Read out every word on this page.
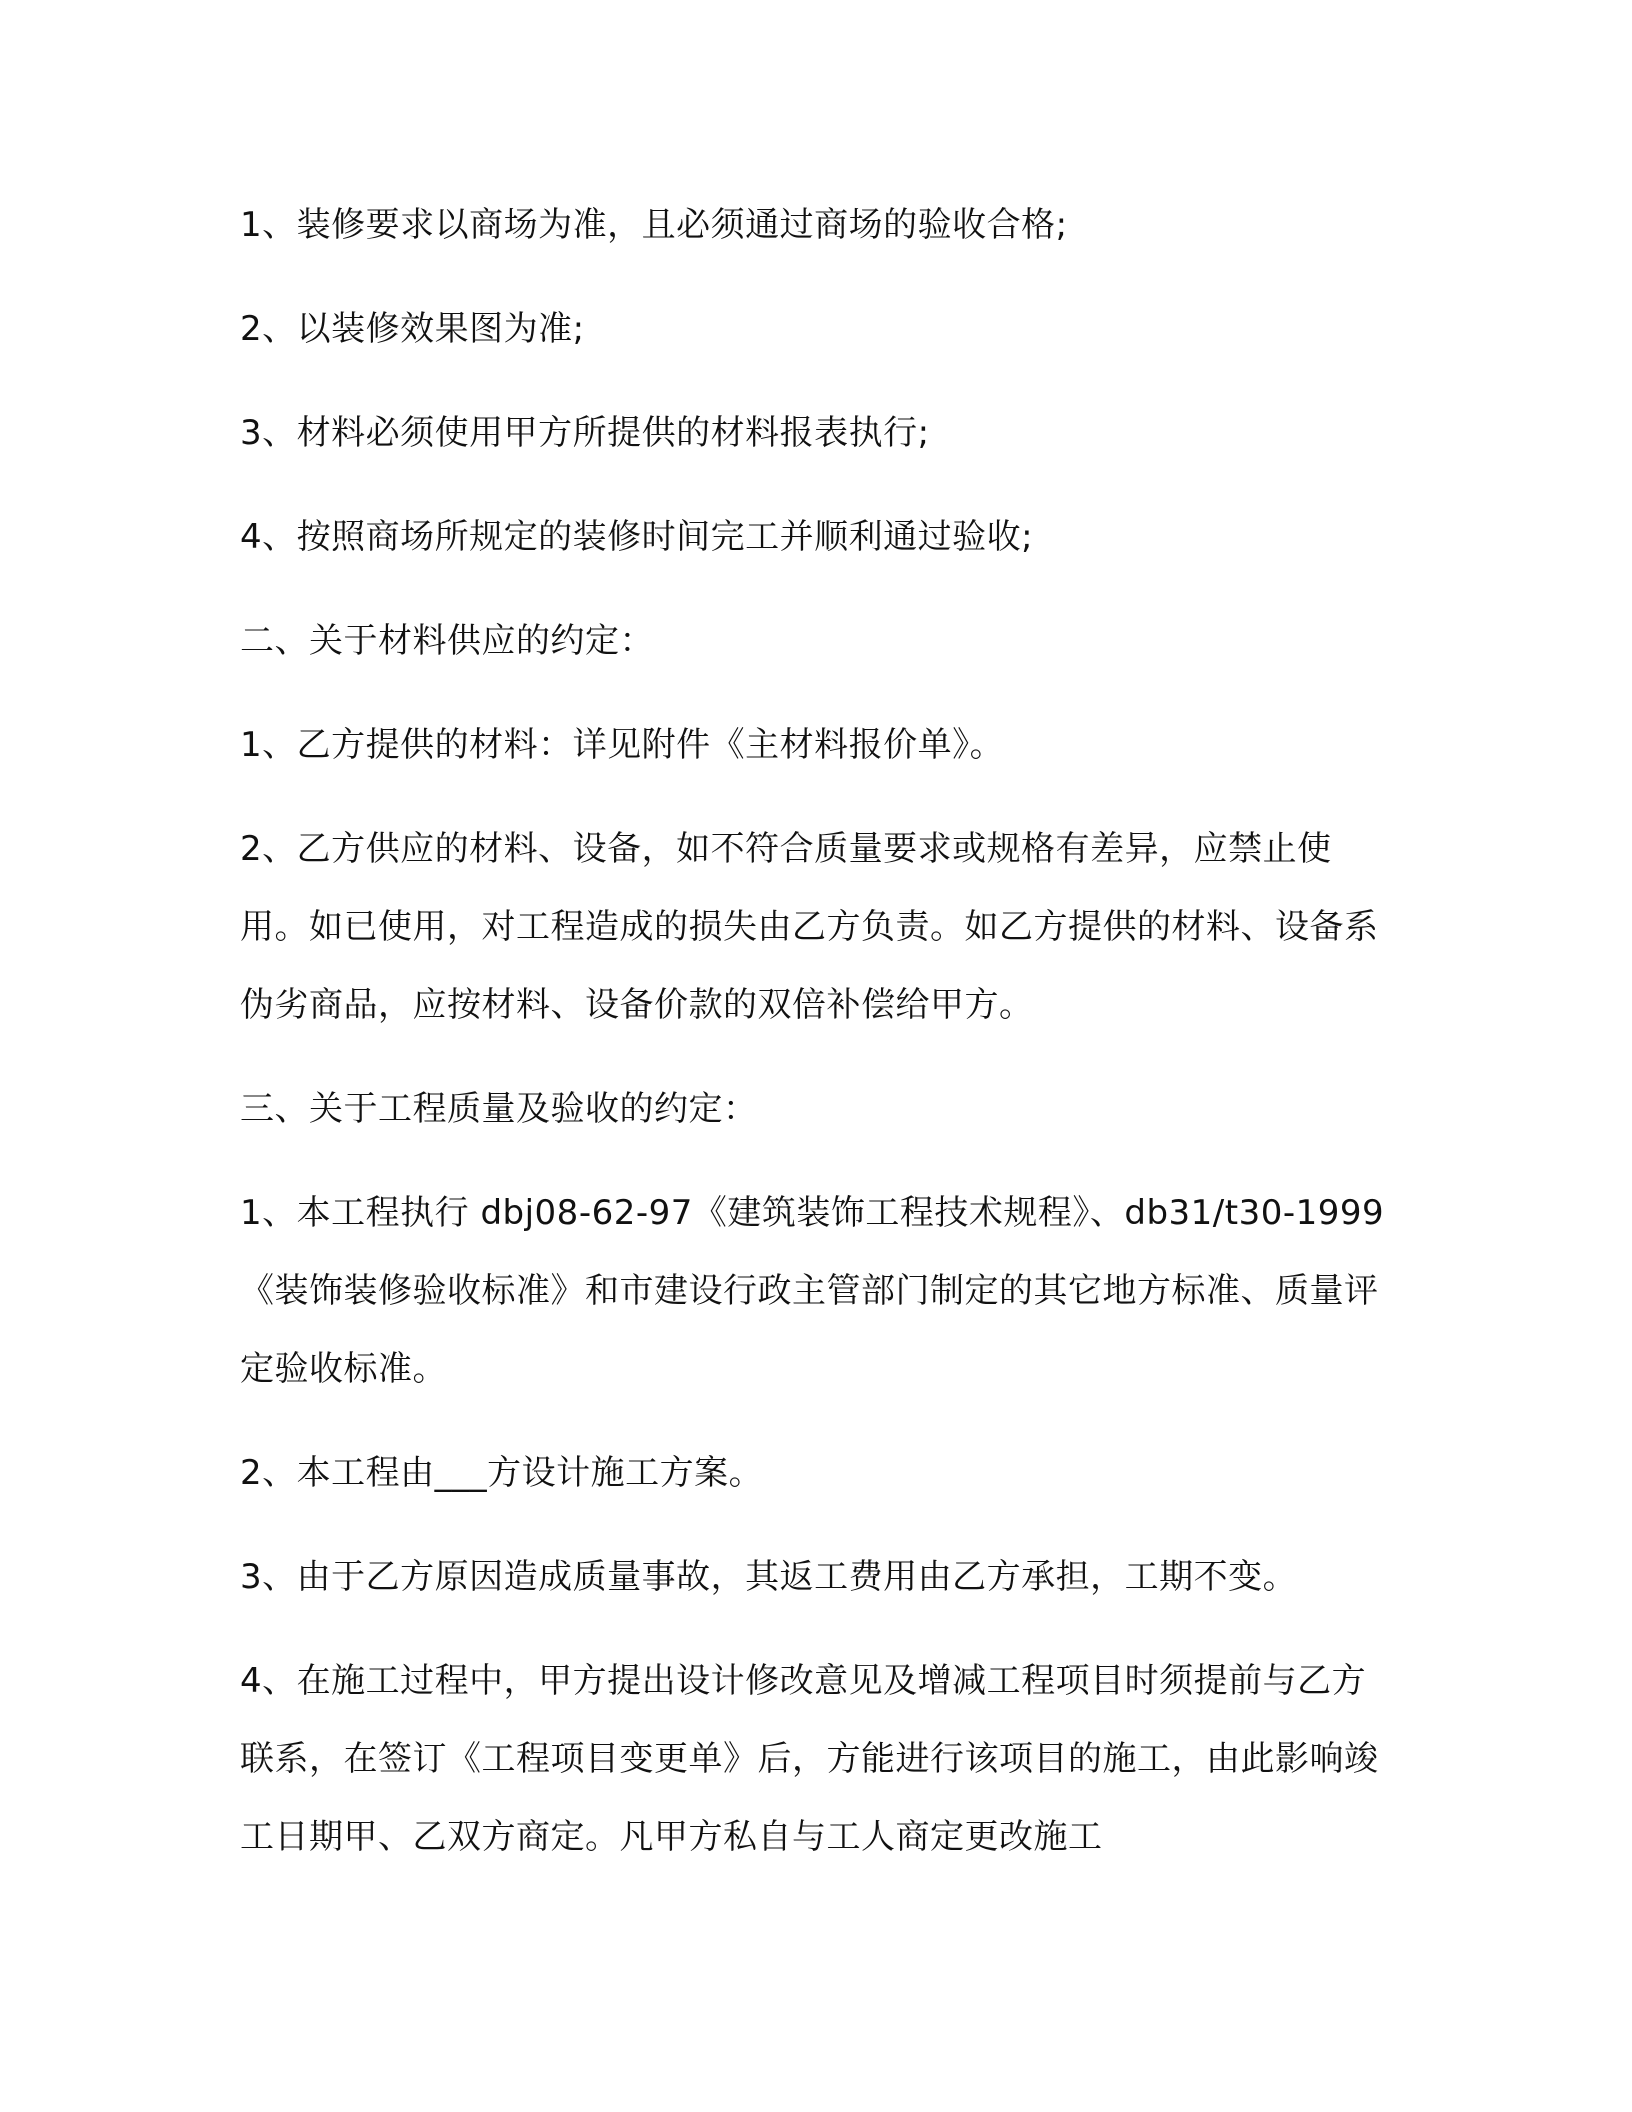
1、装修要求以商场为准，且必须通过商场的验收合格;

2、以装修效果图为准;

3、材料必须使用甲方所提供的材料报表执行;

4、按照商场所规定的装修时间完工并顺利通过验收;

二、关于材料供应的约定：

1、乙方提供的材料：详见附件《主材料报价单》。

2、乙方供应的材料、设备，如不符合质量要求或规格有差异，应禁止使用。如已使用，对工程造成的损失由乙方负责。如乙方提供的材料、设备系伪劣商品，应按材料、设备价款的双倍补偿给甲方。

三、关于工程质量及验收的约定：

1、本工程执行 dbj08-62-97《建筑装饰工程技术规程》、db31/t30-1999《装饰装修验收标准》和市建设行政主管部门制定的其它地方标准、质量评定验收标准。

2、本工程由___方设计施工方案。

3、由于乙方原因造成质量事故，其返工费用由乙方承担，工期不变。

4、在施工过程中，甲方提出设计修改意见及增减工程项目时须提前与乙方联系，在签订《工程项目变更单》后，方能进行该项目的施工，由此影响竣工日期甲、乙双方商定。凡甲方私自与工人商定更改施工
